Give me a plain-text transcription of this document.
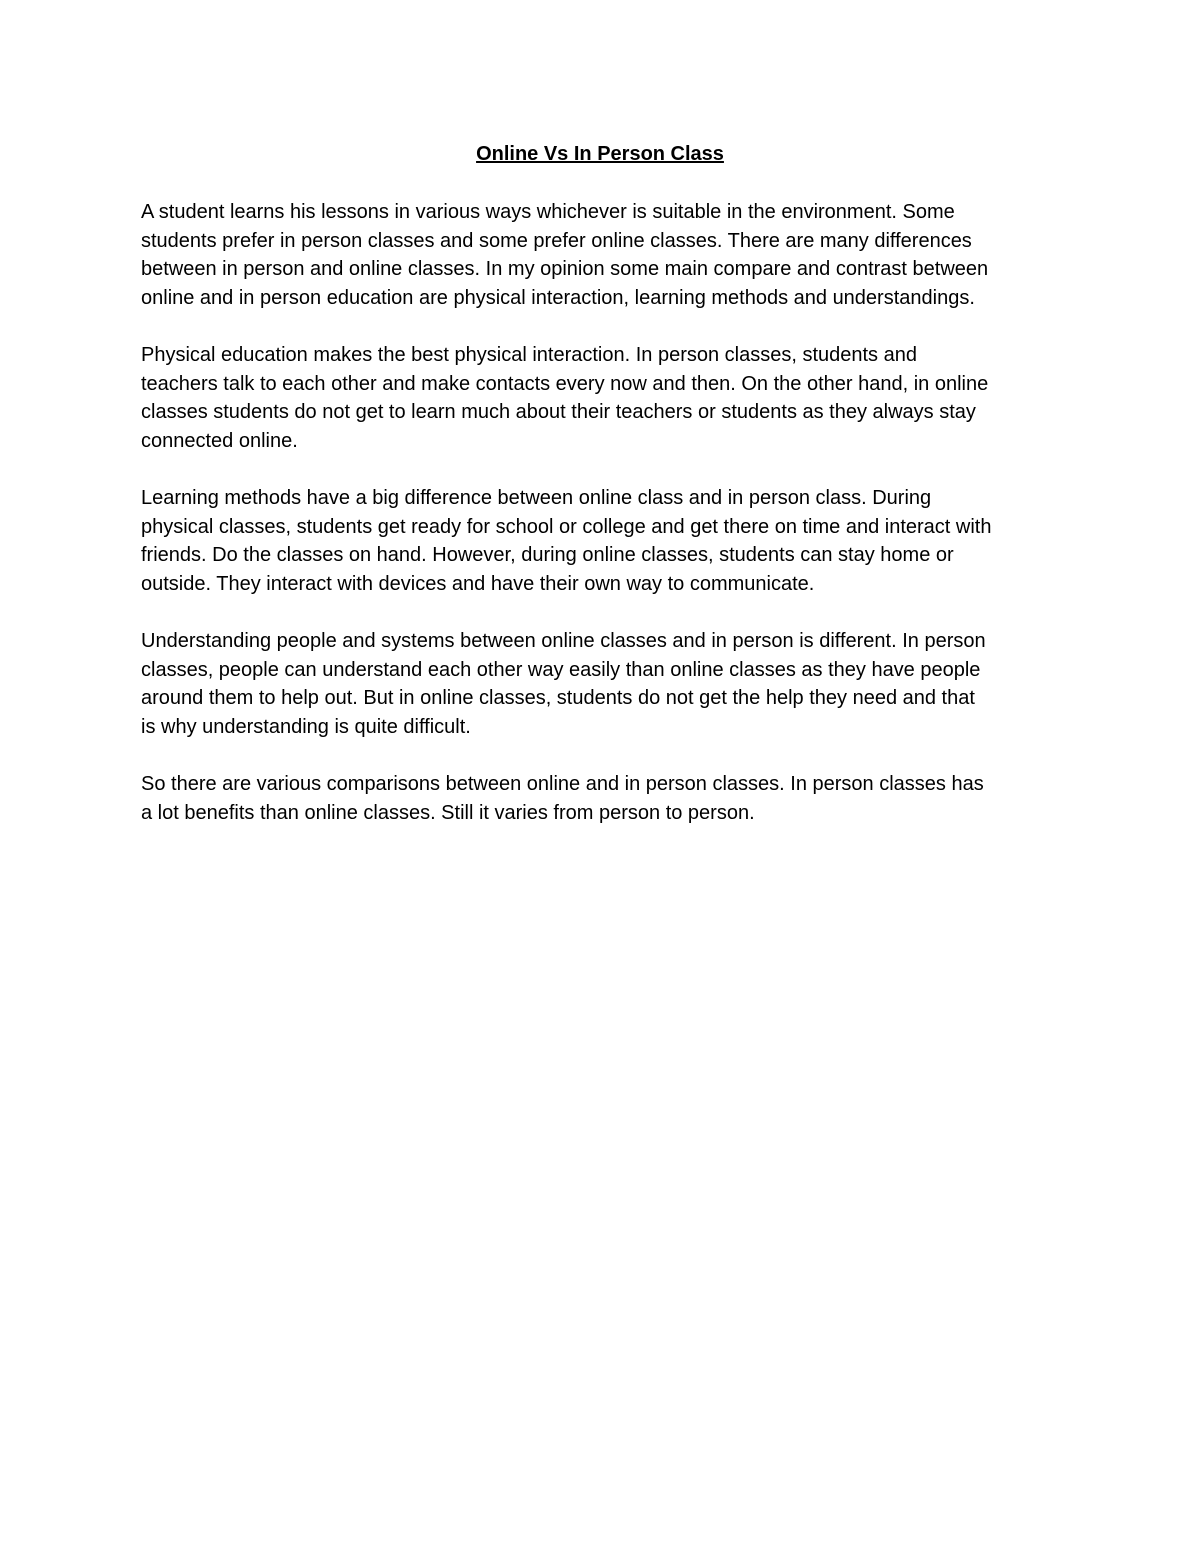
Online Vs In Person Class

A student learns his lessons in various ways whichever is suitable in the environment. Some
students prefer in person classes and some prefer online classes. There are many differences
between in person and online classes. In my opinion some main compare and contrast between
online and in person education are physical interaction, learning methods and understandings.

Physical education makes the best physical interaction. In person classes, students and
teachers talk to each other and make contacts every now and then. On the other hand, in online
classes students do not get to learn much about their teachers or students as they always stay
connected online.

Learning methods have a big difference between online class and in person class. During
physical classes, students get ready for school or college and get there on time and interact with
friends. Do the classes on hand. However, during online classes, students can stay home or
outside. They interact with devices and have their own way to communicate.

Understanding people and systems between online classes and in person is different. In person
classes, people can understand each other way easily than online classes as they have people
around them to help out. But in online classes, students do not get the help they need and that
is why understanding is quite difficult.

So there are various comparisons between online and in person classes. In person classes has
a lot benefits than online classes. Still it varies from person to person.
